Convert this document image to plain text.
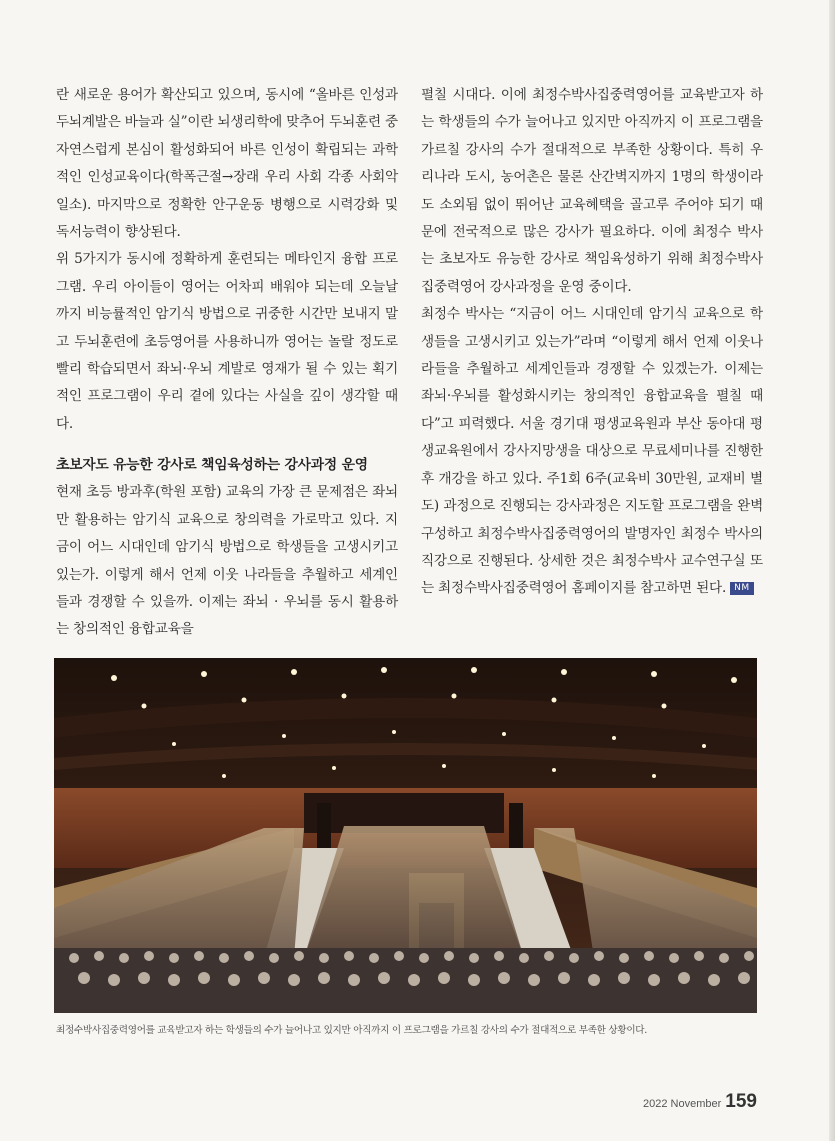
란 새로운 용어가 확산되고 있으며, 동시에 “올바른 인성과 두뇌계발은 바늘과 실”이란 뇌생리학에 맞추어 두뇌훈련 중 자연스럽게 본심이 활성화되어 바른 인성이 확립되는 과학적인 인성교육이다(학폭근절→장래 우리 사회 각종 사회악 일소). 마지막으로 정확한 안구운동 병행으로 시력강화 및 독서능력이 향상된다.

위 5가지가 동시에 정확하게 훈련되는 메타인지 융합 프로그램. 우리 아이들이 영어는 어차피 배워야 되는데 오늘날까지 비능률적인 암기식 방법으로 귀중한 시간만 보내지 말고 두뇌훈련에 초등영어를 사용하니까 영어는 놀랄 정도로 빨리 학습되면서 좌뇌·우뇌 계발로 영재가 될 수 있는 획기적인 프로그램이 우리 곁에 있다는 사실을 깊이 생각할 때다.

초보자도 유능한 강사로 책임육성하는 강사과정 운영

현재 초등 방과후(학원 포함) 교육의 가장 큰 문제점은 좌뇌만 활용하는 암기식 교육으로 창의력을 가로막고 있다. 지금이 어느 시대인데 암기식 방법으로 학생들을 고생시키고 있는가. 이렇게 해서 언제 이웃 나라들을 추월하고 세계인들과 경쟁할 수 있을까. 이제는 좌뇌 · 우뇌를 동시 활용하는 창의적인 융합교육을

펼칠 시대다. 이에 최정수박사집중력영어를 교육받고자 하는 학생들의 수가 늘어나고 있지만 아직까지 이 프로그램을 가르칠 강사의 수가 절대적으로 부족한 상황이다. 특히 우리나라 도시, 농어촌은 물론 산간벽지까지 1명의 학생이라도 소외됨 없이 뛰어난 교육혜택을 골고루 주어야 되기 때문에 전국적으로 많은 강사가 필요하다. 이에 최정수 박사는 초보자도 유능한 강사로 책임육성하기 위해 최정수박사집중력영어 강사과정을 운영 중이다.

최정수 박사는 “지금이 어느 시대인데 암기식 교육으로 학생들을 고생시키고 있는가”라며 “이렇게 해서 언제 이웃나라들을 추월하고 세계인들과 경쟁할 수 있겠는가. 이제는 좌뇌·우뇌를 활성화시키는 창의적인 융합교육을 펼칠 때다”고 피력했다. 서울 경기대 평생교육원과 부산 동아대 평생교육원에서 강사지망생을 대상으로 무료세미나를 진행한 후 개강을 하고 있다. 주1회 6주(교육비 30만원, 교재비 별도) 과정으로 진행되는 강사과정은 지도할 프로그램을 완벽 구성하고 최정수박사집중력영어의 발명자인 최정수 박사의 직강으로 진행된다. 상세한 것은 최정수박사 교수연구실 또는 최정수박사집중력영어 홈페이지를 참고하면 된다. NM

최정수박사집중력영어를 교육받고자 하는 학생들의 수가 늘어나고 있지만 아직까지 이 프로그램을 가르칠 강사의 수가 절대적으로 부족한 상황이다.
2022 November 159
